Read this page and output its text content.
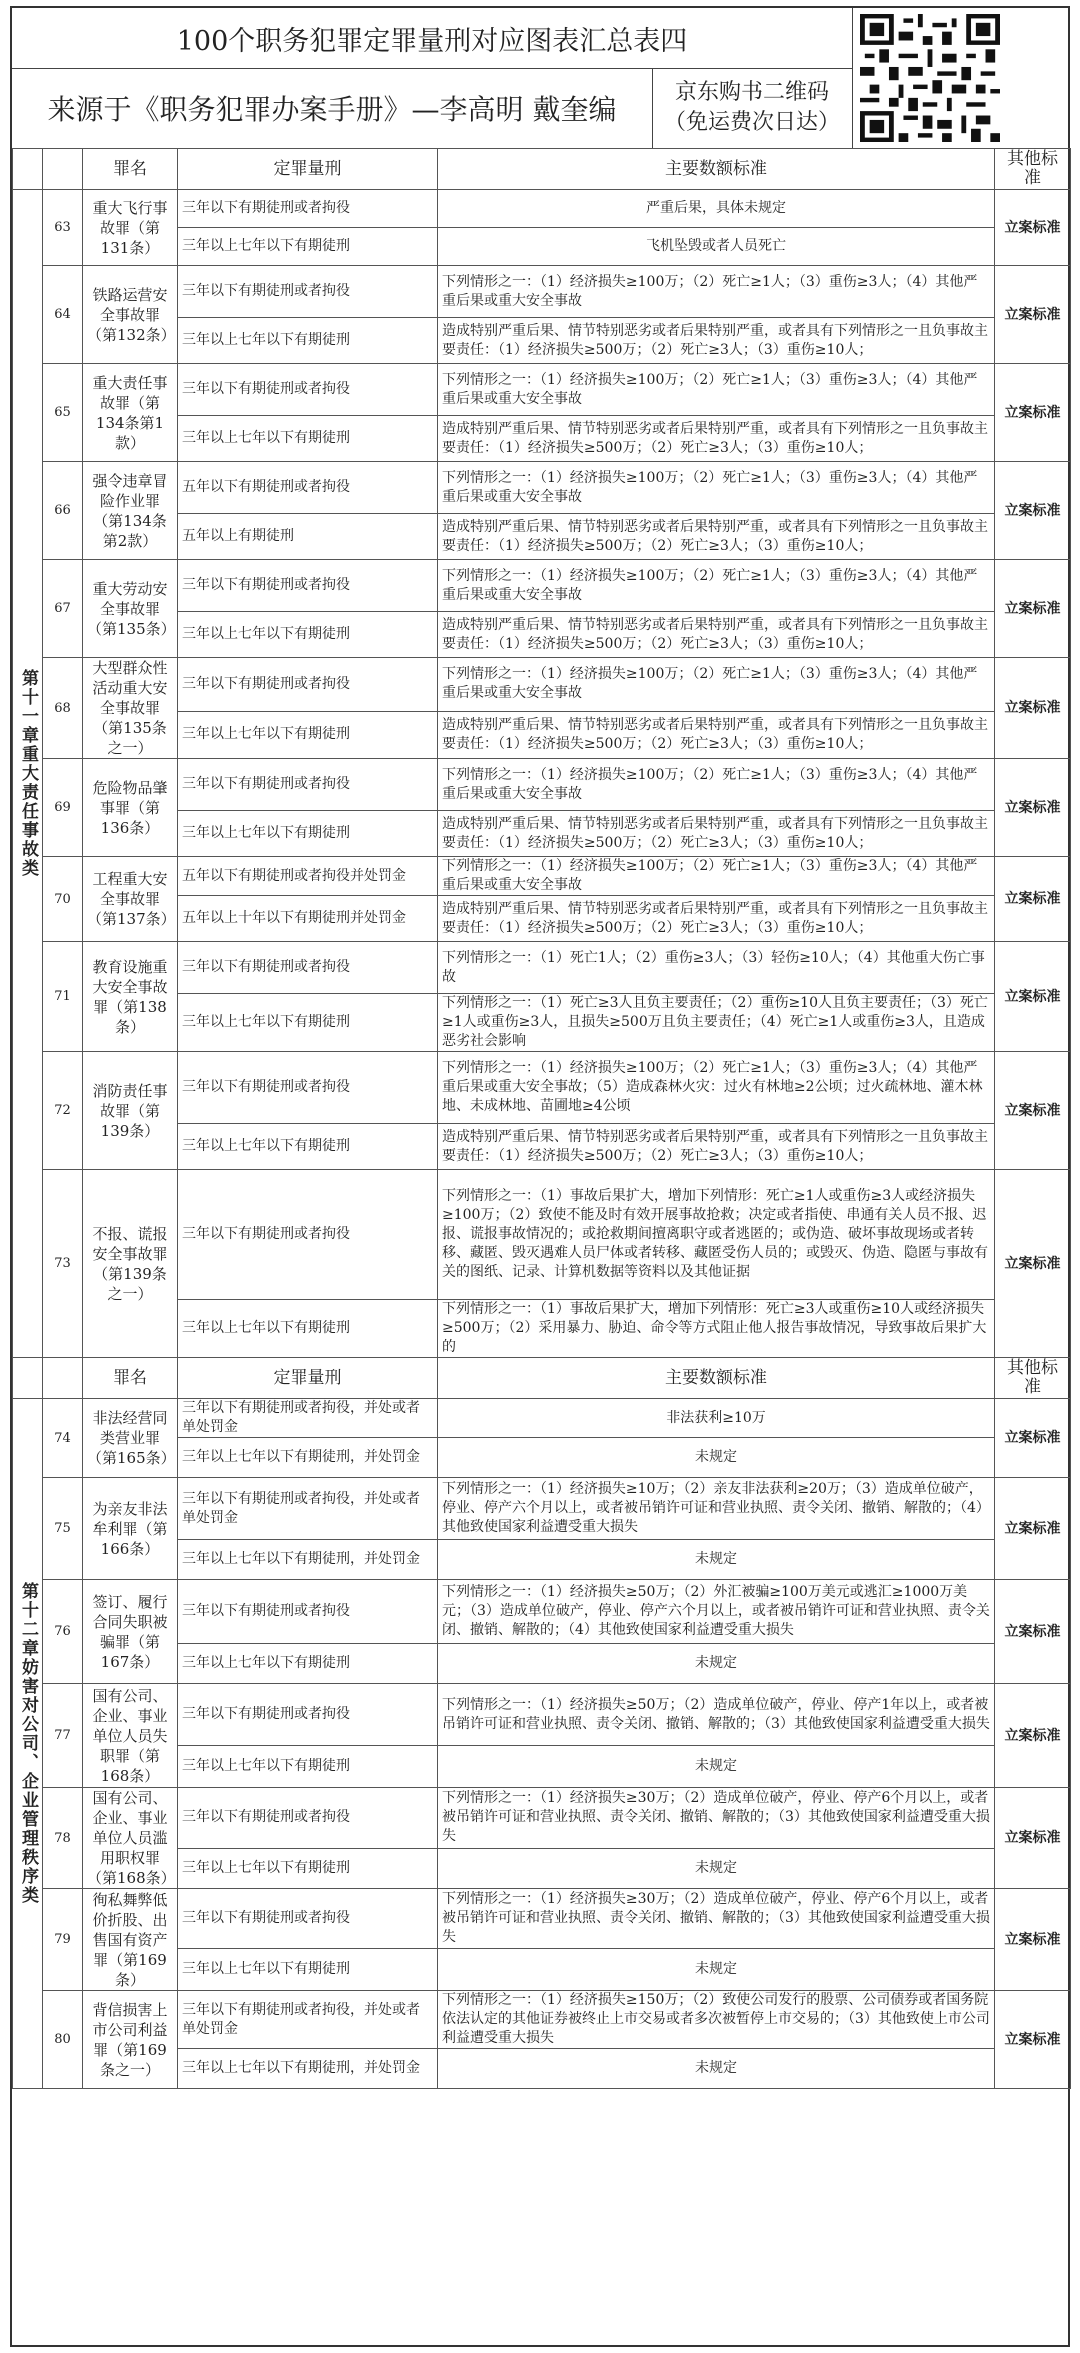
100个职务犯罪定罪量刑对应图表汇总表四
来源于《职务犯罪办案手册》—李高明 戴奎编
京东购书二维码
（免运费次日达）
		罪名	定罪量刑	主要数额标准	其他标准
第十一章重大责任事故类	63	重大飞行事故罪（第131条）	三年以下有期徒刑或者拘役	严重后果，具体未规定	立案标准
			三年以上七年以下有期徒刑	飞机坠毁或者人员死亡	
	64	铁路运营安全事故罪（第132条）	三年以下有期徒刑或者拘役	下列情形之一：（1）经济损失≥100万；（2）死亡≥1人；（3）重伤≥3人；（4）其他严重后果或重大安全事故	立案标准
			三年以上七年以下有期徒刑	造成特别严重后果、情节特别恶劣或者后果特别严重，或者具有下列情形之一且负事故主要责任：（1）经济损失≥500万；（2）死亡≥3人；（3）重伤≥10人；	
	65	重大责任事故罪（第134条第1款）	三年以下有期徒刑或者拘役	下列情形之一：（1）经济损失≥100万；（2）死亡≥1人；（3）重伤≥3人；（4）其他严重后果或重大安全事故	立案标准
			三年以上七年以下有期徒刑	造成特别严重后果、情节特别恶劣或者后果特别严重，或者具有下列情形之一且负事故主要责任：（1）经济损失≥500万；（2）死亡≥3人；（3）重伤≥10人；	
	66	强令违章冒险作业罪（第134条第2款）	五年以下有期徒刑或者拘役	下列情形之一：（1）经济损失≥100万；（2）死亡≥1人；（3）重伤≥3人；（4）其他严重后果或重大安全事故	立案标准
			五年以上有期徒刑	造成特别严重后果、情节特别恶劣或者后果特别严重，或者具有下列情形之一且负事故主要责任：（1）经济损失≥500万；（2）死亡≥3人；（3）重伤≥10人；	
	67	重大劳动安全事故罪（第135条）	三年以下有期徒刑或者拘役	下列情形之一：（1）经济损失≥100万；（2）死亡≥1人；（3）重伤≥3人；（4）其他严重后果或重大安全事故	立案标准
			三年以上七年以下有期徒刑	造成特别严重后果、情节特别恶劣或者后果特别严重，或者具有下列情形之一且负事故主要责任：（1）经济损失≥500万；（2）死亡≥3人；（3）重伤≥10人；	
	68	大型群众性活动重大安全事故罪（第135条之一）	三年以下有期徒刑或者拘役	下列情形之一：（1）经济损失≥100万；（2）死亡≥1人；（3）重伤≥3人；（4）其他严重后果或重大安全事故	立案标准
			三年以上七年以下有期徒刑	造成特别严重后果、情节特别恶劣或者后果特别严重，或者具有下列情形之一且负事故主要责任：（1）经济损失≥500万；（2）死亡≥3人；（3）重伤≥10人；	
	69	危险物品肇事罪（第136条）	三年以下有期徒刑或者拘役	下列情形之一：（1）经济损失≥100万；（2）死亡≥1人；（3）重伤≥3人；（4）其他严重后果或重大安全事故	立案标准
			三年以上七年以下有期徒刑	造成特别严重后果、情节特别恶劣或者后果特别严重，或者具有下列情形之一且负事故主要责任：（1）经济损失≥500万；（2）死亡≥3人；（3）重伤≥10人；	
	70	工程重大安全事故罪（第137条）	五年以下有期徒刑或者拘役并处罚金	下列情形之一：（1）经济损失≥100万；（2）死亡≥1人；（3）重伤≥3人；（4）其他严重后果或重大安全事故	立案标准
			五年以上十年以下有期徒刑并处罚金	造成特别严重后果、情节特别恶劣或者后果特别严重，或者具有下列情形之一且负事故主要责任：（1）经济损失≥500万；（2）死亡≥3人；（3）重伤≥10人；	
	71	教育设施重大安全事故罪（第138条）	三年以下有期徒刑或者拘役	下列情形之一：（1）死亡1人；（2）重伤≥3人；（3）轻伤≥10人；（4）其他重大伤亡事故	立案标准
			三年以上七年以下有期徒刑	下列情形之一：（1）死亡≥3人且负主要责任；（2）重伤≥10人且负主要责任；（3）死亡≥1人或重伤≥3人，且损失≥500万且负主要责任；（4）死亡≥1人或重伤≥3人，且造成恶劣社会影响	
	72	消防责任事故罪（第139条）	三年以下有期徒刑或者拘役	下列情形之一：（1）经济损失≥100万；（2）死亡≥1人；（3）重伤≥3人；（4）其他严重后果或重大安全事故；（5）造成森林火灾：过火有林地≥2公顷；过火疏林地、灌木林地、未成林地、苗圃地≥4公顷	立案标准
			三年以上七年以下有期徒刑	造成特别严重后果、情节特别恶劣或者后果特别严重，或者具有下列情形之一且负事故主要责任：（1）经济损失≥500万；（2）死亡≥3人；（3）重伤≥10人；	
	73	不报、谎报安全事故罪（第139条之一）	三年以下有期徒刑或者拘役	下列情形之一：（1）事故后果扩大，增加下列情形：死亡≥1人或重伤≥3人或经济损失≥100万；（2）致使不能及时有效开展事故抢救；决定或者指使、串通有关人员不报、迟报、谎报事故情况的；或抢救期间擅离职守或者逃匿的；或伪造、破坏事故现场或者转移、藏匿、毁灭遇难人员尸体或者转移、藏匿受伤人员的；或毁灭、伪造、隐匿与事故有关的图纸、记录、计算机数据等资料以及其他证据	立案标准
			三年以上七年以下有期徒刑	下列情形之一：（1）事故后果扩大，增加下列情形：死亡≥3人或重伤≥10人或经济损失≥500万；（2）采用暴力、胁迫、命令等方式阻止他人报告事故情况，导致事故后果扩大的	
		罪名	定罪量刑	主要数额标准	其他标准
第十二章妨害对公司、企业管理秩序类	74	非法经营同类营业罪（第165条）	三年以下有期徒刑或者拘役，并处或者单处罚金	非法获利≥10万	立案标准
			三年以上七年以下有期徒刑，并处罚金	未规定	
	75	为亲友非法牟利罪（第166条）	三年以下有期徒刑或者拘役，并处或者单处罚金	下列情形之一：（1）经济损失≥10万；（2）亲友非法获利≥20万；（3）造成单位破产，停业、停产六个月以上，或者被吊销许可证和营业执照、责令关闭、撤销、解散的；（4）其他致使国家利益遭受重大损失	立案标准
			三年以上七年以下有期徒刑，并处罚金	未规定	
	76	签订、履行合同失职被骗罪（第167条）	三年以下有期徒刑或者拘役	下列情形之一：（1）经济损失≥50万；（2）外汇被骗≥100万美元或逃汇≥1000万美元；（3）造成单位破产，停业、停产六个月以上，或者被吊销许可证和营业执照、责令关闭、撤销、解散的；（4）其他致使国家利益遭受重大损失	立案标准
			三年以上七年以下有期徒刑	未规定	
	77	国有公司、企业、事业单位人员失职罪（第168条）	三年以下有期徒刑或者拘役	下列情形之一：（1）经济损失≥50万；（2）造成单位破产，停业、停产1年以上，或者被吊销许可证和营业执照、责令关闭、撤销、解散的；（3）其他致使国家利益遭受重大损失	立案标准
			三年以上七年以下有期徒刑	未规定	
	78	国有公司、企业、事业单位人员滥用职权罪（第168条）	三年以下有期徒刑或者拘役	下列情形之一：（1）经济损失≥30万；（2）造成单位破产，停业、停产6个月以上，或者被吊销许可证和营业执照、责令关闭、撤销、解散的；（3）其他致使国家利益遭受重大损失	立案标准
			三年以上七年以下有期徒刑	未规定	
	79	徇私舞弊低价折股、出售国有资产罪（第169条）	三年以下有期徒刑或者拘役	下列情形之一：（1）经济损失≥30万；（2）造成单位破产，停业、停产6个月以上，或者被吊销许可证和营业执照、责令关闭、撤销、解散的；（3）其他致使国家利益遭受重大损失	立案标准
			三年以上七年以下有期徒刑	未规定	
	80	背信损害上市公司利益罪（第169条之一）	三年以下有期徒刑或者拘役，并处或者单处罚金	下列情形之一：（1）经济损失≥150万；（2）致使公司发行的股票、公司债券或者国务院依法认定的其他证券被终止上市交易或者多次被暂停上市交易的；（3）其他致使上市公司利益遭受重大损失	立案标准
			三年以上七年以下有期徒刑，并处罚金	未规定	
